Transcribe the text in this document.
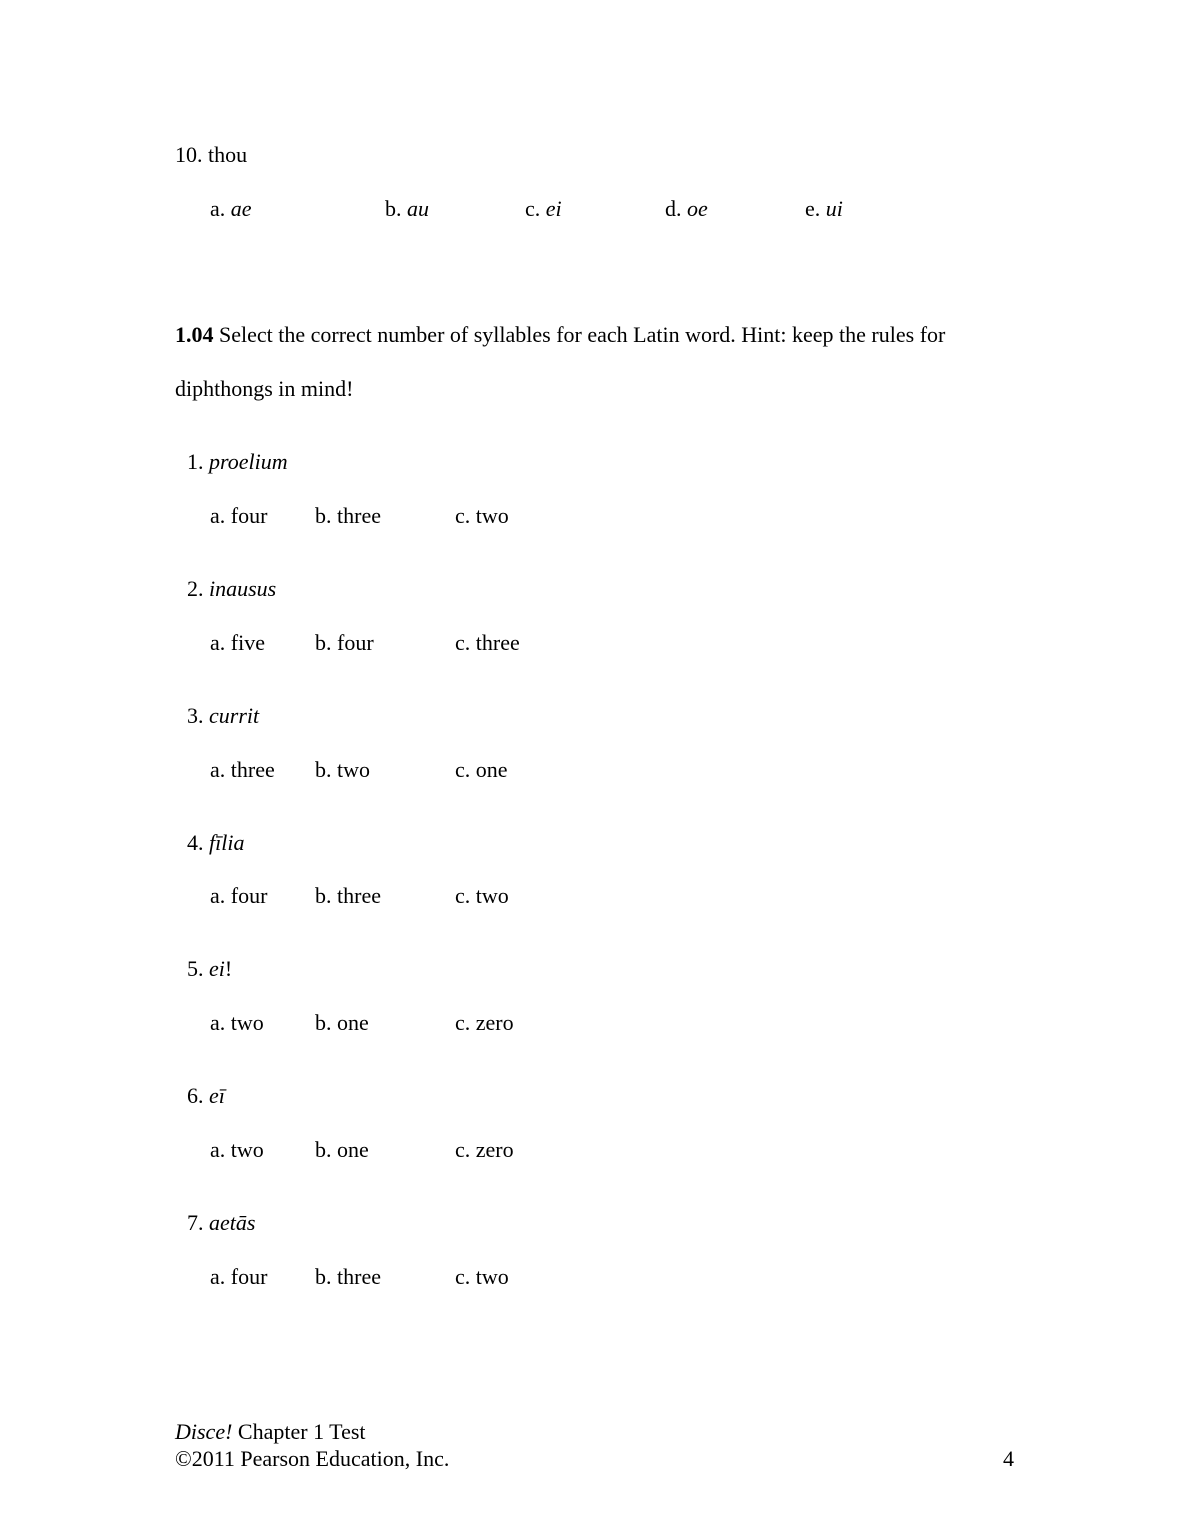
10. thou
a. ae	b. au	c. ei	d. oe	e. ui
1.04 Select the correct number of syllables for each Latin word. Hint: keep the rules for
diphthongs in mind!
1. proelium
a. four b. three	c. two
2. inausus
a. five b. four	c. three
3. currit
a. three b. two	c. one
4. fīlia
a. four b. three	c. two
5. ei!
a. two b. one	c. zero
6. eī
a. two b. one	c. zero
7. aetās
a. four b. three	c. two
Disce! Chapter 1 Test
©2011 Pearson Education, Inc.	4
